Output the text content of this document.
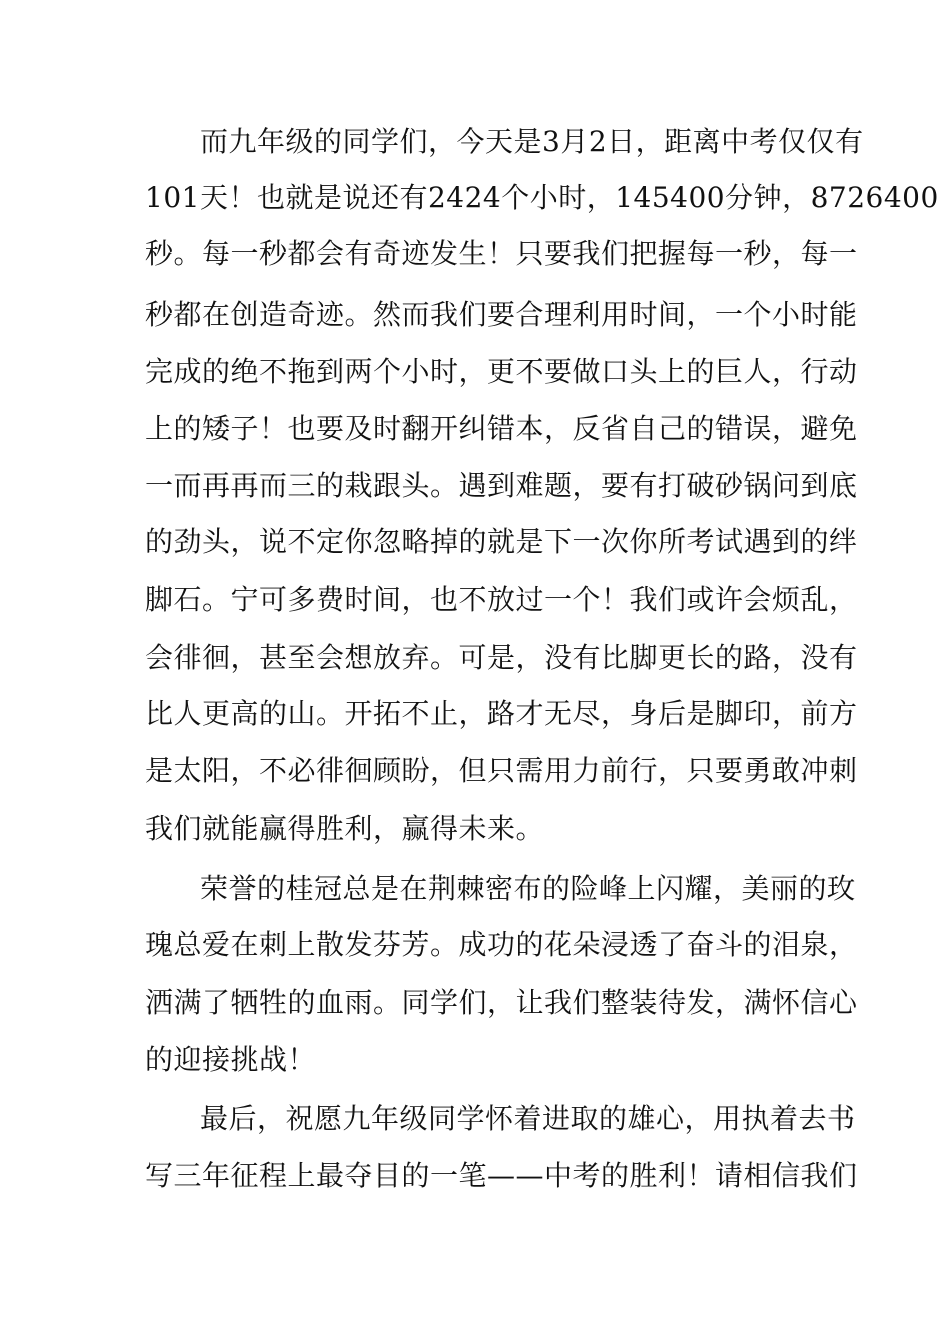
而九年级的同学们，今天是3月2日，距离中考仅仅有
101天！也就是说还有2424个小时，145400分钟，8726400
秒。每一秒都会有奇迹发生！只要我们把握每一秒，每一
秒都在创造奇迹。然而我们要合理利用时间，一个小时能
完成的绝不拖到两个小时，更不要做口头上的巨人，行动
上的矮子！也要及时翻开纠错本，反省自己的错误，避免
一而再再而三的栽跟头。遇到难题，要有打破砂锅问到底
的劲头，说不定你忽略掉的就是下一次你所考试遇到的绊
脚石。宁可多费时间，也不放过一个！我们或许会烦乱，
会徘徊，甚至会想放弃。可是，没有比脚更长的路，没有
比人更高的山。开拓不止，路才无尽，身后是脚印，前方
是太阳，不必徘徊顾盼，但只需用力前行，只要勇敢冲刺
我们就能赢得胜利，赢得未来。
荣誉的桂冠总是在荆棘密布的险峰上闪耀，美丽的玫
瑰总爱在刺上散发芬芳。成功的花朵浸透了奋斗的泪泉，
洒满了牺牲的血雨。同学们，让我们整装待发，满怀信心
的迎接挑战！
最后，祝愿九年级同学怀着进取的雄心，用执着去书
写三年征程上最夺目的一笔——中考的胜利！请相信我们
